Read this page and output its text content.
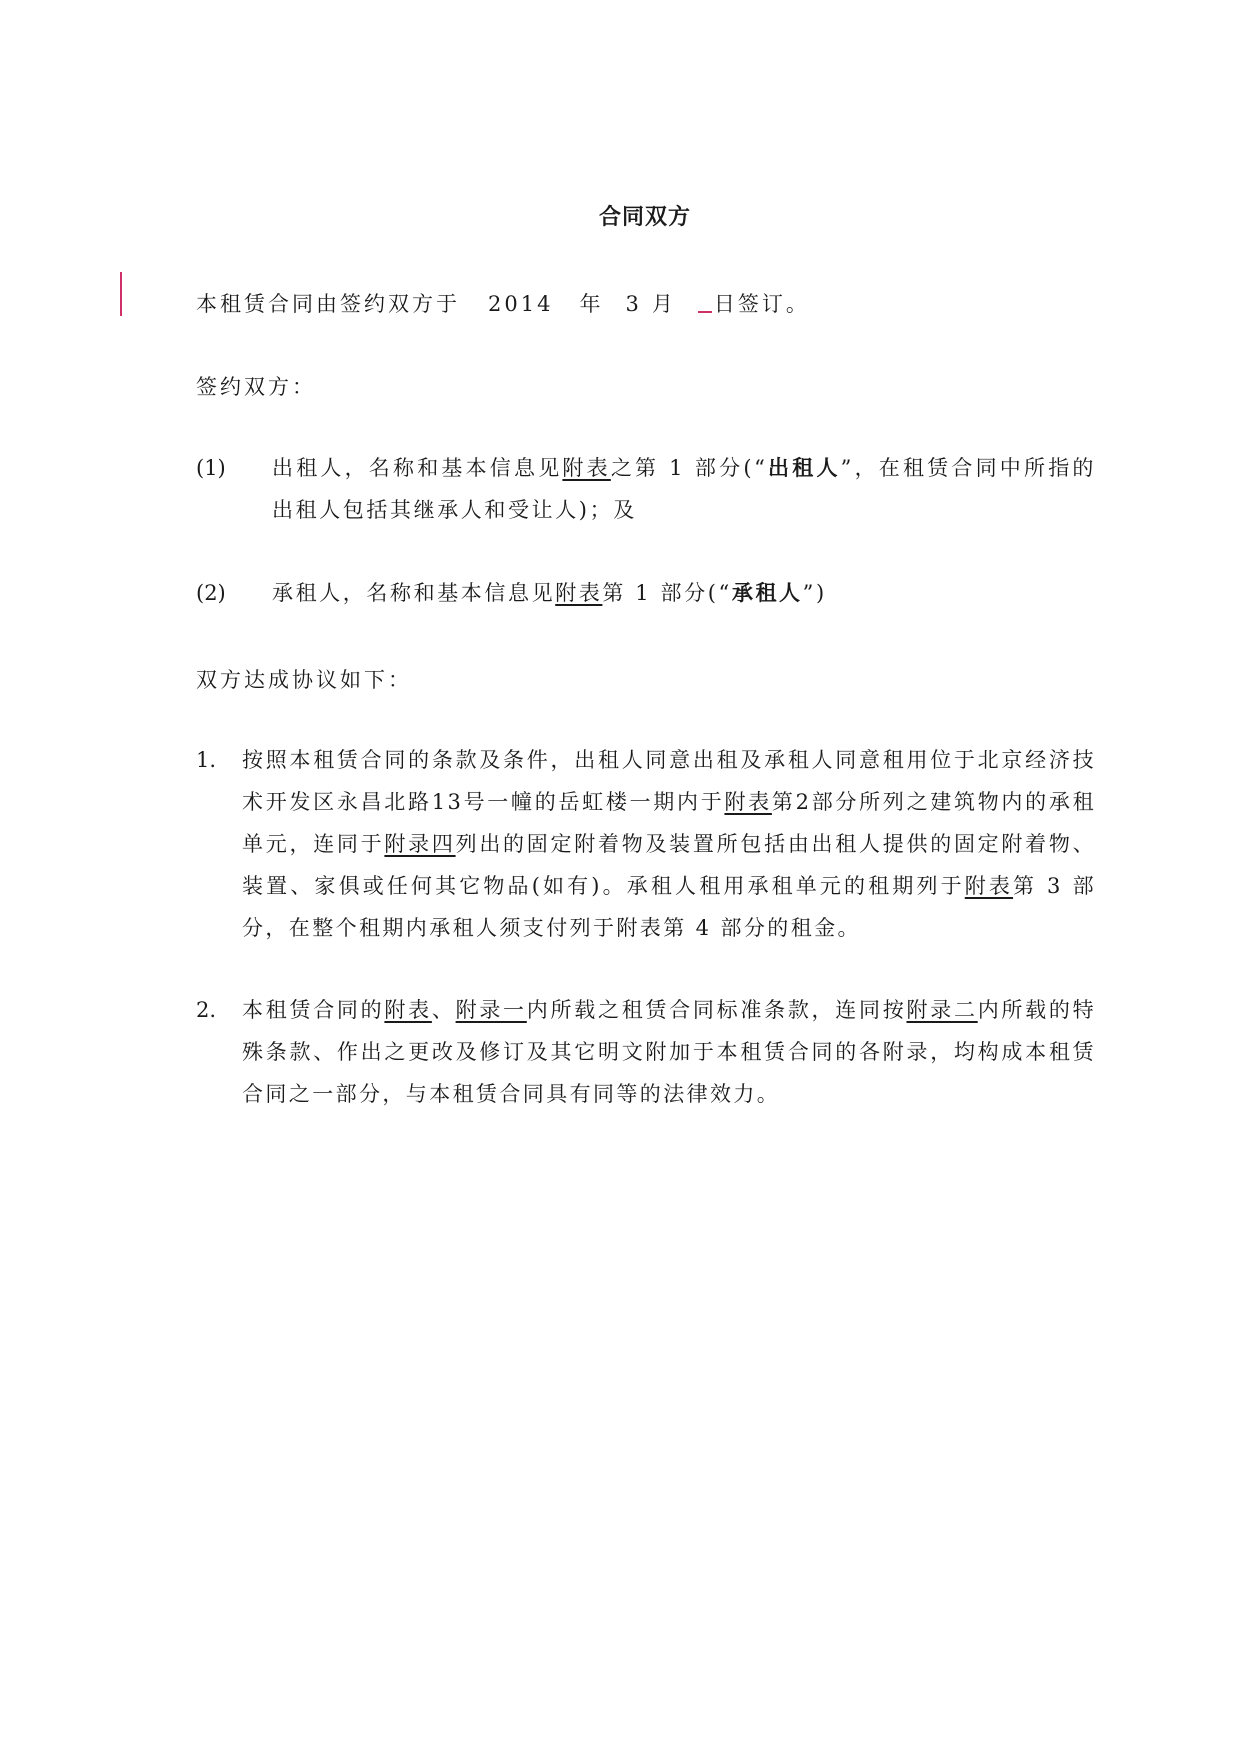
合同双方
本租赁合同由签约双方于 2014 年 3 月 日签订。
签约双方：
(1) 出租人，名称和基本信息见附表之第 1 部分(“出租人”，在租赁合同中所指的出租人包括其继承人和受让人)；及
(2) 承租人，名称和基本信息见附表第 1 部分(“承租人”)
双方达成协议如下：
1. 按照本租赁合同的条款及条件，出租人同意出租及承租人同意租用位于北京经济技术开发区永昌北路13号一幢的岳虹楼一期内于附表第2部分所列之建筑物内的承租单元，连同于附录四列出的固定附着物及装置所包括由出租人提供的固定附着物、装置、家俱或任何其它物品(如有)。承租人租用承租单元的租期列于附表第 3 部分，在整个租期内承租人须支付列于附表第 4 部分的租金。
2. 本租赁合同的附表、附录一内所载之租赁合同标准条款，连同按附录二内所载的特殊条款、作出之更改及修订及其它明文附加于本租赁合同的各附录，均构成本租赁合同之一部分，与本租赁合同具有同等的法律效力。
